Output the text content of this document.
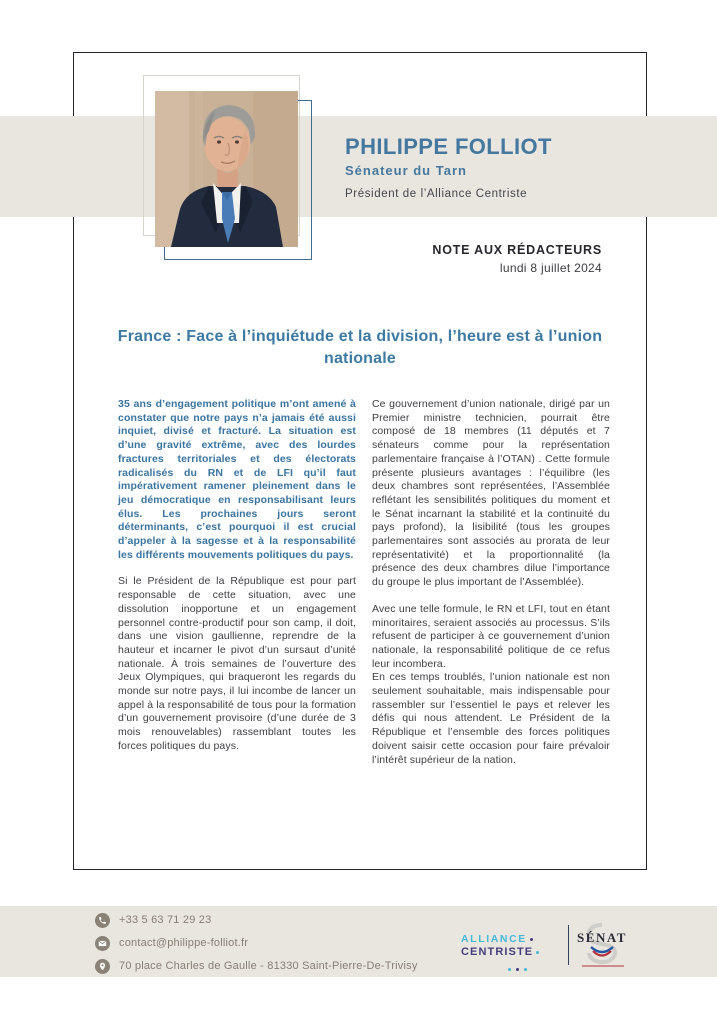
PHILIPPE FOLLIOT
Sénateur du Tarn
Président de l’Alliance Centriste
NOTE AUX RÉDACTEURS
lundi 8 juillet 2024
France : Face à l’inquiétude et la division, l’heure est à l’union nationale

35 ans d’engagement politique m’ont amené à constater que notre pays n’a jamais été aussi inquiet, divisé et fracturé. La situation est d’une gravité extrême, avec des lourdes fractures territoriales et des électorats radicalisés du RN et de LFI qu’il faut impérativement ramener pleinement dans le jeu démocratique en responsabilisant leurs élus. Les prochaines jours seront déterminants, c’est pourquoi il est crucial d’appeler à la sagesse et à la responsabilité les différents mouvements politiques du pays.

Si le Président de la République est pour part responsable de cette situation, avec une dissolution inopportune et un engagement personnel contre-productif pour son camp, il doit, dans une vision gaullienne, reprendre de la hauteur et incarner le pivot d’un sursaut d’unité nationale. À trois semaines de l’ouverture des Jeux Olympiques, qui braqueront les regards du monde sur notre pays, il lui incombe de lancer un appel à la responsabilité de tous pour la formation d’un gouvernement provisoire (d’une durée de 3 mois renouvelables) rassemblant toutes les forces politiques du pays.

Ce gouvernement d’union nationale, dirigé par un Premier ministre technicien, pourrait être composé de 18 membres (11 députés et 7 sénateurs comme pour la représentation parlementaire française à l’OTAN) . Cette formule présente plusieurs avantages : l’équilibre (les deux chambres sont représentées, l’Assemblée reflétant les sensibilités politiques du moment et le Sénat incarnant la stabilité et la continuité du pays profond), la lisibilité (tous les groupes parlementaires sont associés au prorata de leur représentativité) et la proportionnalité (la présence des deux chambres dilue l’importance du groupe le plus important de l’Assemblée).

Avec une telle formule, le RN et LFI, tout en étant minoritaires, seraient associés au processus. S’ils refusent de participer à ce gouvernement d’union nationale, la responsabilité politique de ce refus leur incombera.

En ces temps troublés, l’union nationale est non seulement souhaitable, mais indispensable pour rassembler sur l’essentiel le pays et relever les défis qui nous attendent. Le Président de la République et l’ensemble des forces politiques doivent saisir cette occasion pour faire prévaloir l’intérêt supérieur de la nation.

+33 5 63 71 29 23
contact@philippe-folliot.fr
70 place Charles de Gaulle - 81330 Saint-Pierre-De-Trivisy
ALLIANCE
CENTRISTE
SÉNAT
